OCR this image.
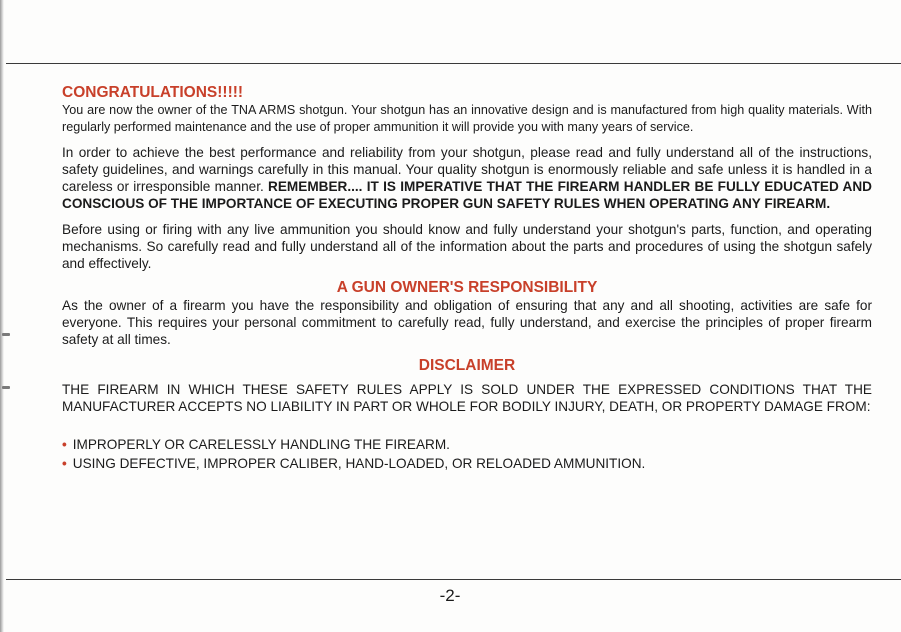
CONGRATULATIONS!!!!!

You are now the owner of the TNA ARMS shotgun. Your shotgun has an innovative design and is manufactured from high quality materials. With regularly performed maintenance and the use of proper ammunition it will provide you with many years of service.

In order to achieve the best performance and reliability from your shotgun, please read and fully understand all of the instructions, safety guidelines, and warnings carefully in this manual. Your quality shotgun is enormously reliable and safe unless it is handled in a careless or irresponsible manner. REMEMBER.... IT IS IMPERATIVE THAT THE FIREARM HANDLER BE FULLY EDUCATED AND CONSCIOUS OF THE IMPORTANCE OF EXECUTING PROPER GUN SAFETY RULES WHEN OPERATING ANY FIREARM.

Before using or firing with any live ammunition you should know and fully understand your shotgun's parts, function, and operating mechanisms. So carefully read and fully understand all of the information about the parts and procedures of using the shotgun safely and effectively.

A GUN OWNER'S RESPONSIBILITY

As the owner of a firearm you have the responsibility and obligation of ensuring that any and all shooting, activities are safe for everyone. This requires your personal commitment to carefully read, fully understand, and exercise the principles of proper firearm safety at all times.

DISCLAIMER

THE FIREARM IN WHICH THESE SAFETY RULES APPLY IS SOLD UNDER THE EXPRESSED CONDITIONS THAT THE MANUFACTURER ACCEPTS NO LIABILITY IN PART OR WHOLE FOR BODILY INJURY, DEATH, OR PROPERTY DAMAGE FROM:

• IMPROPERLY OR CARELESSLY HANDLING THE FIREARM.
• USING DEFECTIVE, IMPROPER CALIBER, HAND-LOADED, OR RELOADED AMMUNITION.
-2-
